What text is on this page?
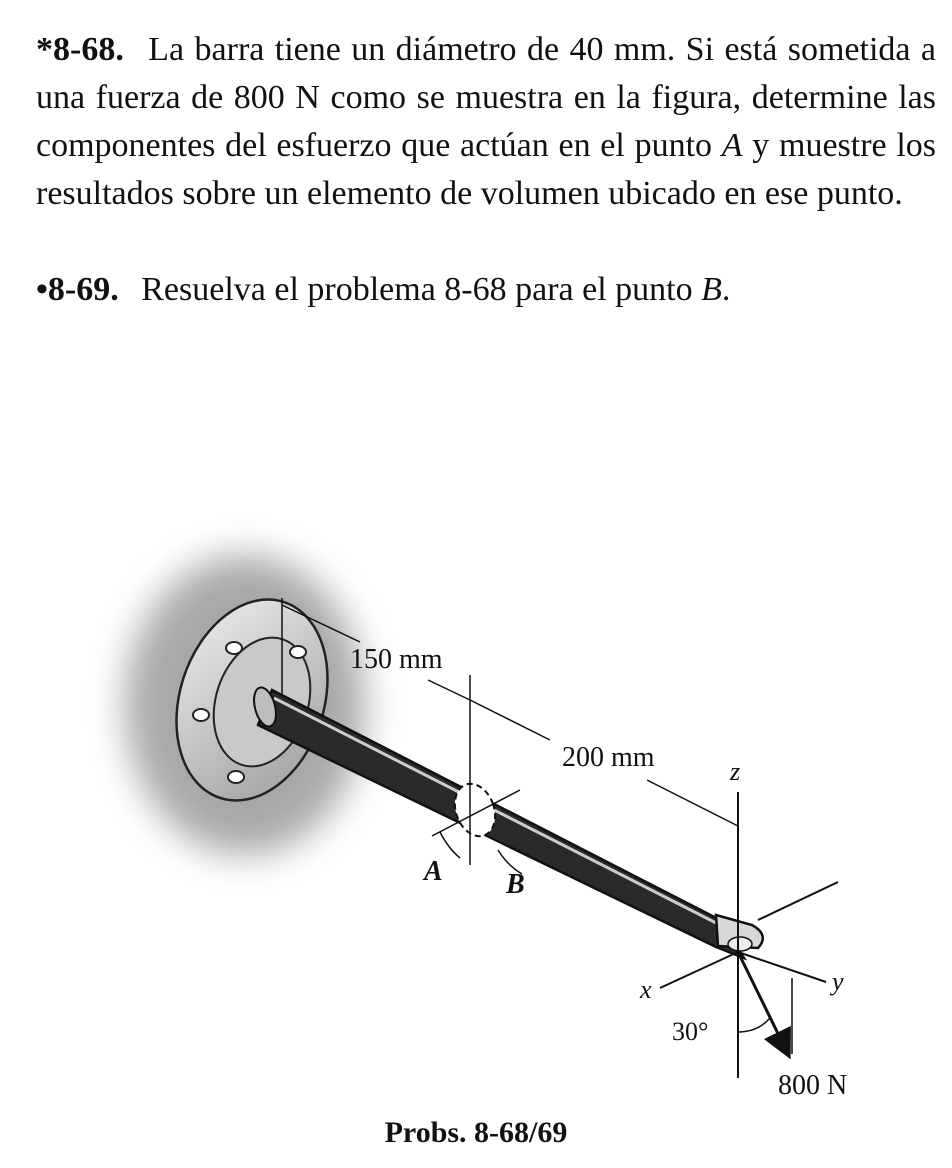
*8-68. La barra tiene un diámetro de 40 mm. Si está sometida a una fuerza de 800 N como se muestra en la figura, determine las componentes del esfuerzo que actúan en el punto A y muestre los resultados sobre un elemento de volumen ubicado en ese punto.
•8-69. Resuelva el problema 8-68 para el punto B.
150 mm
200 mm	z
x	y
30°
800 N
A B
Probs. 8-68/69
